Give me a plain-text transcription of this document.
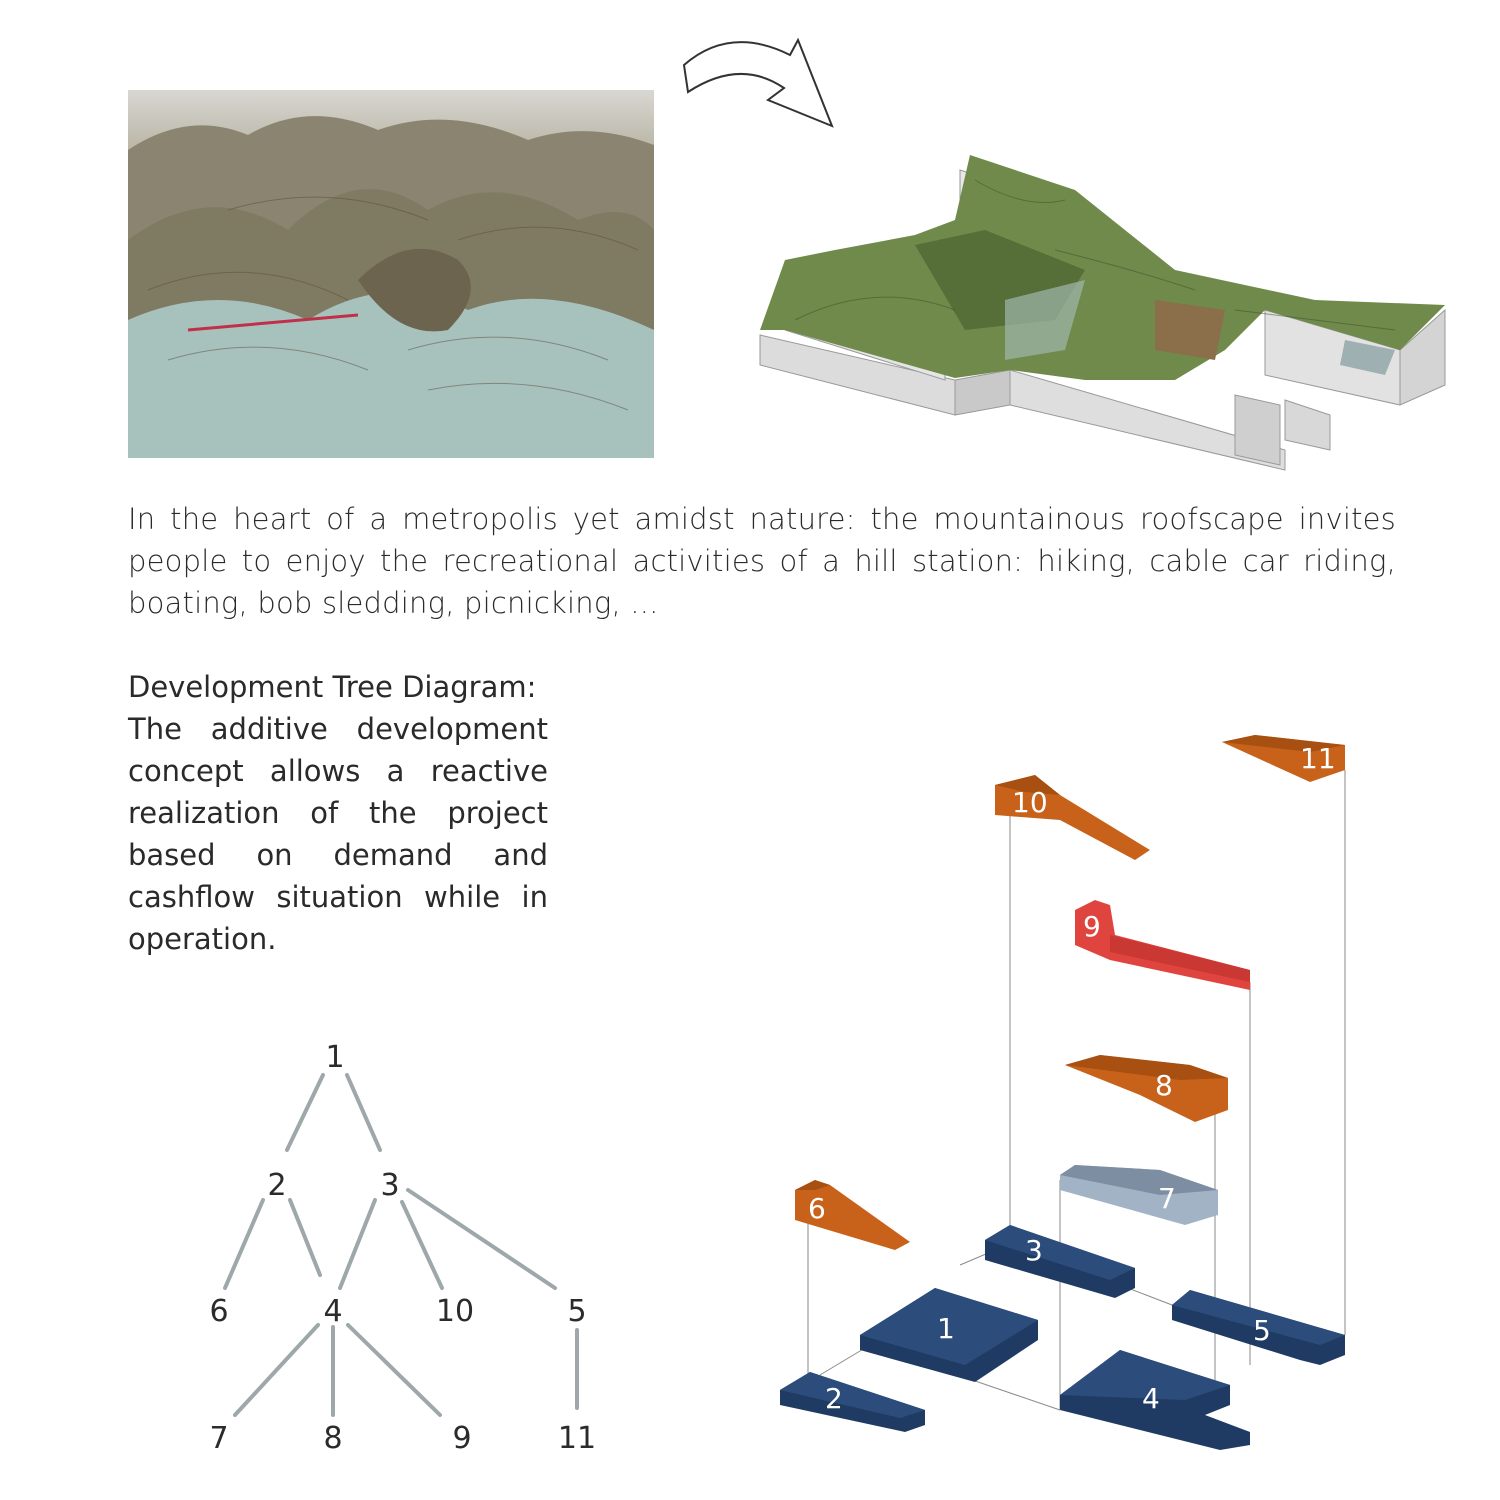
In the heart of a metropolis yet amidst nature: the mountainous roofscape invites people to enjoy the recreational activities of a hill station: hiking, cable car riding, boating, bob sledding, picnicking, ...
Development Tree Diagram:
The additive development concept allows a reactive realization of the project based on demand and cashflow situation while in operation.
1
2	3
6	4	10	5
7	8	9	11
11
10
9
8
7
6
3
5
1
4
2
